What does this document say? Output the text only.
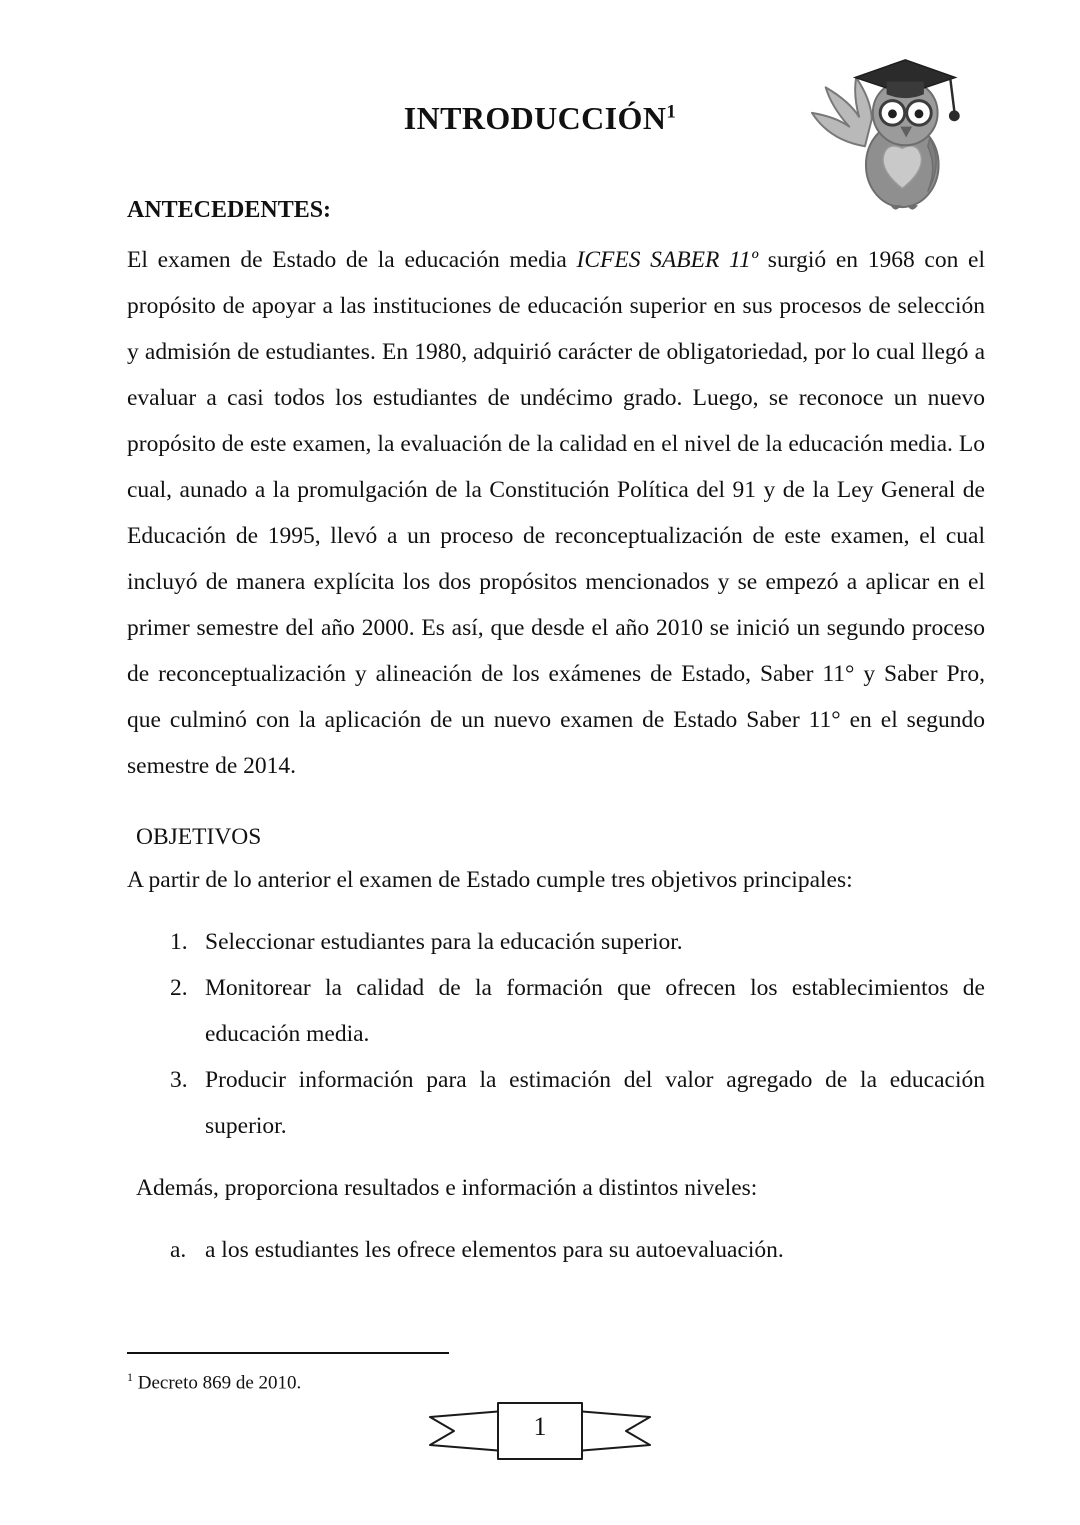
INTRODUCCIÓN$^1$
ANTECEDENTES:
El examen de Estado de la educación media ICFES SABER 11º surgió en 1968 con el propósito de apoyar a las instituciones de educación superior en sus procesos de selección y admisión de estudiantes. En 1980, adquirió carácter de obligatoriedad, por lo cual llegó a evaluar a casi todos los estudiantes de undécimo grado. Luego, se reconoce un nuevo propósito de este examen, la evaluación de la calidad en el nivel de la educación media. Lo cual, aunado a la promulgación de la Constitución Política del 91 y de la Ley General de Educación de 1995, llevó a un proceso de reconceptualización de este examen, el cual incluyó de manera explícita los dos propósitos mencionados y se empezó a aplicar en el primer semestre del año 2000. Es así, que desde el año 2010 se inició un segundo proceso de reconceptualización y alineación de los exámenes de Estado, Saber 11° y Saber Pro, que culminó con la aplicación de un nuevo examen de Estado Saber 11° en el segundo semestre de 2014.
OBJETIVOS
A partir de lo anterior el examen de Estado cumple tres objetivos principales:
1. Seleccionar estudiantes para la educación superior.
2. Monitorear la calidad de la formación que ofrecen los establecimientos de educación media.
3. Producir información para la estimación del valor agregado de la educación superior.
Además, proporciona resultados e información a distintos niveles:
a. a los estudiantes les ofrece elementos para su autoevaluación.
$^1$ Decreto 869 de 2010.
1
